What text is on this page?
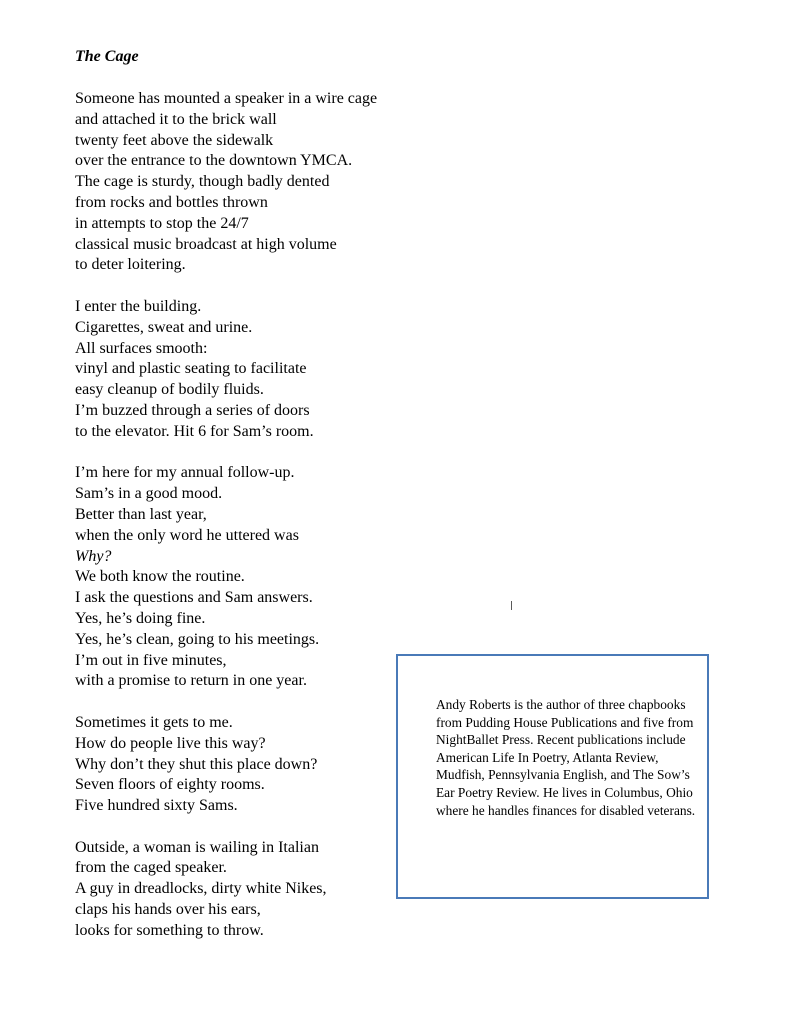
The Cage

Someone has mounted a speaker in a wire cage
and attached it to the brick wall
twenty feet above the sidewalk
over the entrance to the downtown YMCA.
The cage is sturdy, though badly dented
from rocks and bottles thrown
in attempts to stop the 24/7
classical music broadcast at high volume
to deter loitering.

I enter the building.
Cigarettes, sweat and urine.
All surfaces smooth:
vinyl and plastic seating to facilitate
easy cleanup of bodily fluids.
I’m buzzed through a series of doors
to the elevator. Hit 6 for Sam’s room.

I’m here for my annual follow-up.
Sam’s in a good mood.
Better than last year,
when the only word he uttered was
Why?
We both know the routine.
I ask the questions and Sam answers.
Yes, he’s doing fine.
Yes, he’s clean, going to his meetings.
I’m out in five minutes,
with a promise to return in one year.

Sometimes it gets to me.
How do people live this way?
Why don’t they shut this place down?
Seven floors of eighty rooms.
Five hundred sixty Sams.

Outside, a woman is wailing in Italian
from the caged speaker.
A guy in dreadlocks, dirty white Nikes,
claps his hands over his ears,
looks for something to throw.

Andy Roberts is the author of three chapbooks from Pudding House Publications and five from NightBallet Press. Recent publications include American Life In Poetry, Atlanta Review, Mudfish, Pennsylvania English, and The Sow’s Ear Poetry Review. He lives in Columbus, Ohio where he handles finances for disabled veterans.
